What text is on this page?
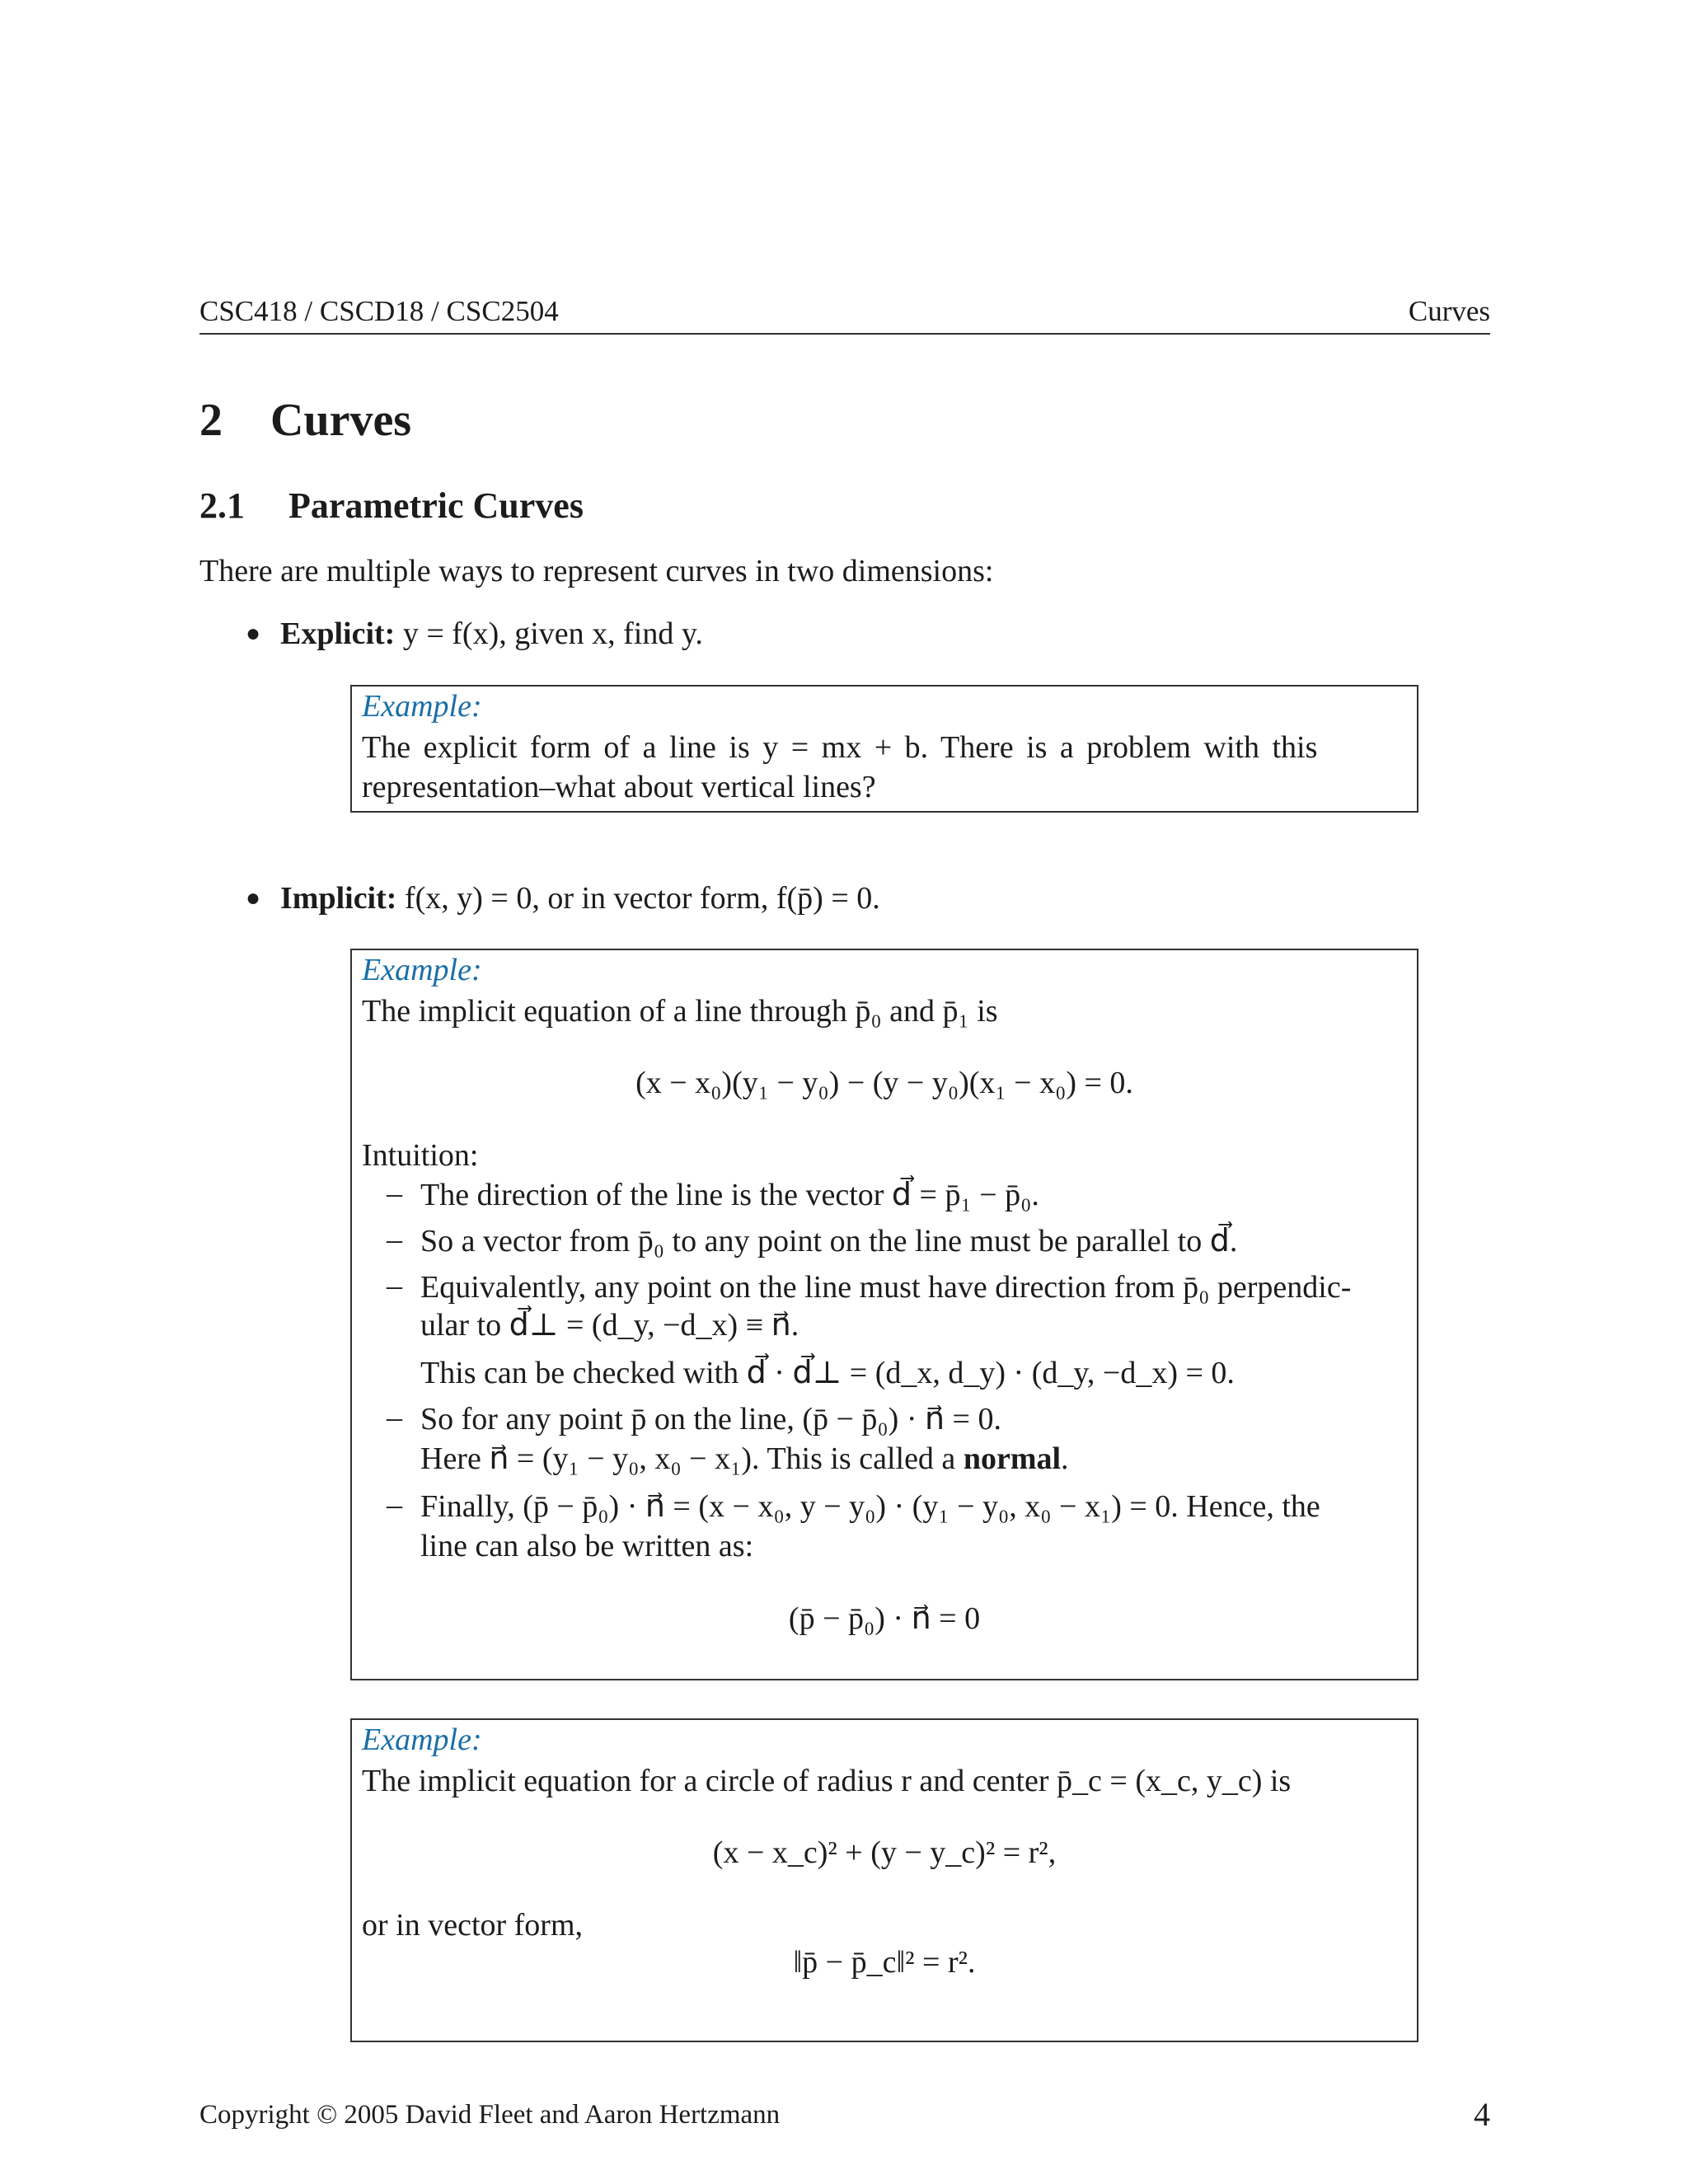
CSC418 / CSCD18 / CSC2504	Curves
2 Curves
2.1 Parametric Curves
There are multiple ways to represent curves in two dimensions:
● Explicit: y = f(x), given x, find y.
Example:
The explicit form of a line is y = mx + b. There is a problem with this
representation–what about vertical lines?
● Implicit: f(x, y) = 0, or in vector form, f(p̄) = 0.
Example:
The implicit equation of a line through p̄₀ and p̄₁ is
(x − x₀)(y₁ − y₀) − (y − y₀)(x₁ − x₀) = 0.
Intuition:
– The direction of the line is the vector d⃗ = p̄₁ − p̄₀.
– So a vector from p̄₀ to any point on the line must be parallel to d⃗.
– Equivalently, any point on the line must have direction from p̄₀ perpendic-
ular to d⃗⊥ = (d_y, −d_x) ≡ n⃗.
This can be checked with d⃗ · d⃗⊥ = (d_x, d_y) · (d_y, −d_x) = 0.
– So for any point p̄ on the line, (p̄ − p̄₀) · n⃗ = 0.
Here n⃗ = (y₁ − y₀, x₀ − x₁). This is called a normal.
– Finally, (p̄ − p̄₀) · n⃗ = (x − x₀, y − y₀) · (y₁ − y₀, x₀ − x₁) = 0. Hence, the
line can also be written as:
(p̄ − p̄₀) · n⃗ = 0
Example:
The implicit equation for a circle of radius r and center p̄_c = (x_c, y_c) is
(x − x_c)² + (y − y_c)² = r²,
or in vector form,
‖p̄ − p̄_c‖² = r².
Copyright © 2005 David Fleet and Aaron Hertzmann	4
